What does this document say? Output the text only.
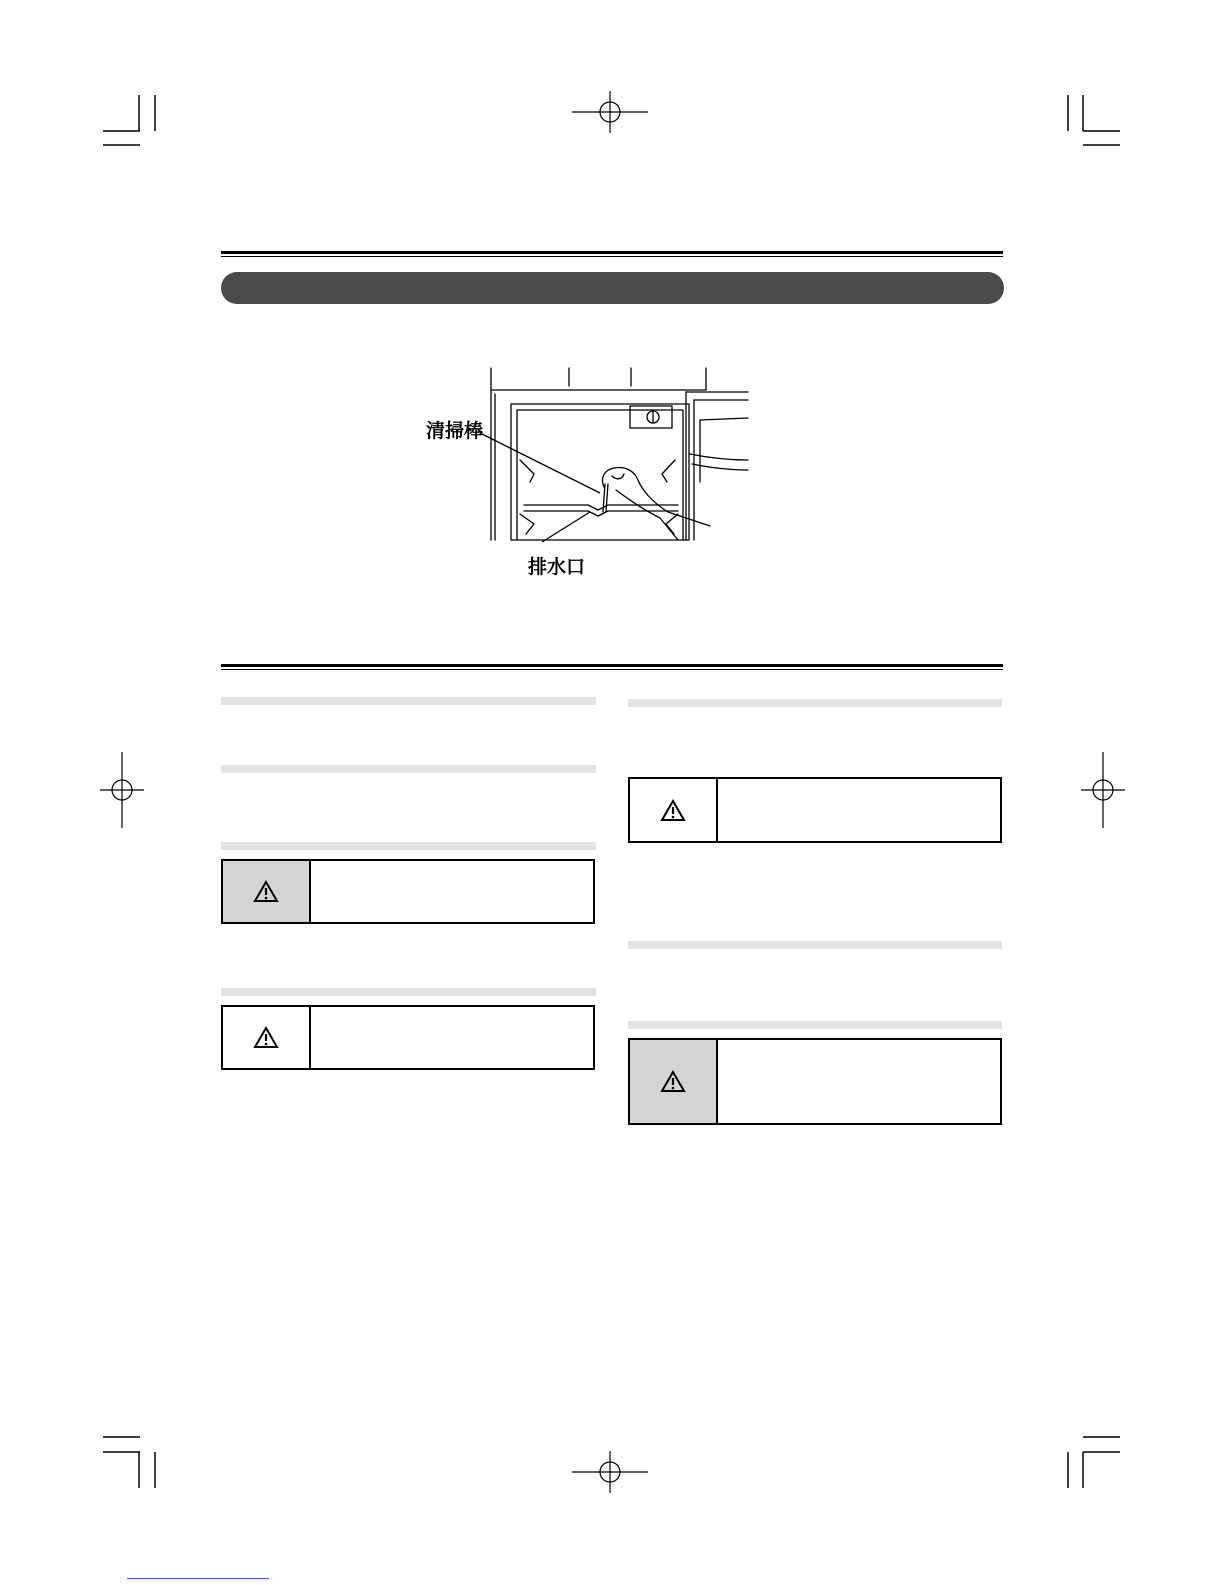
清掃棒
排水口
